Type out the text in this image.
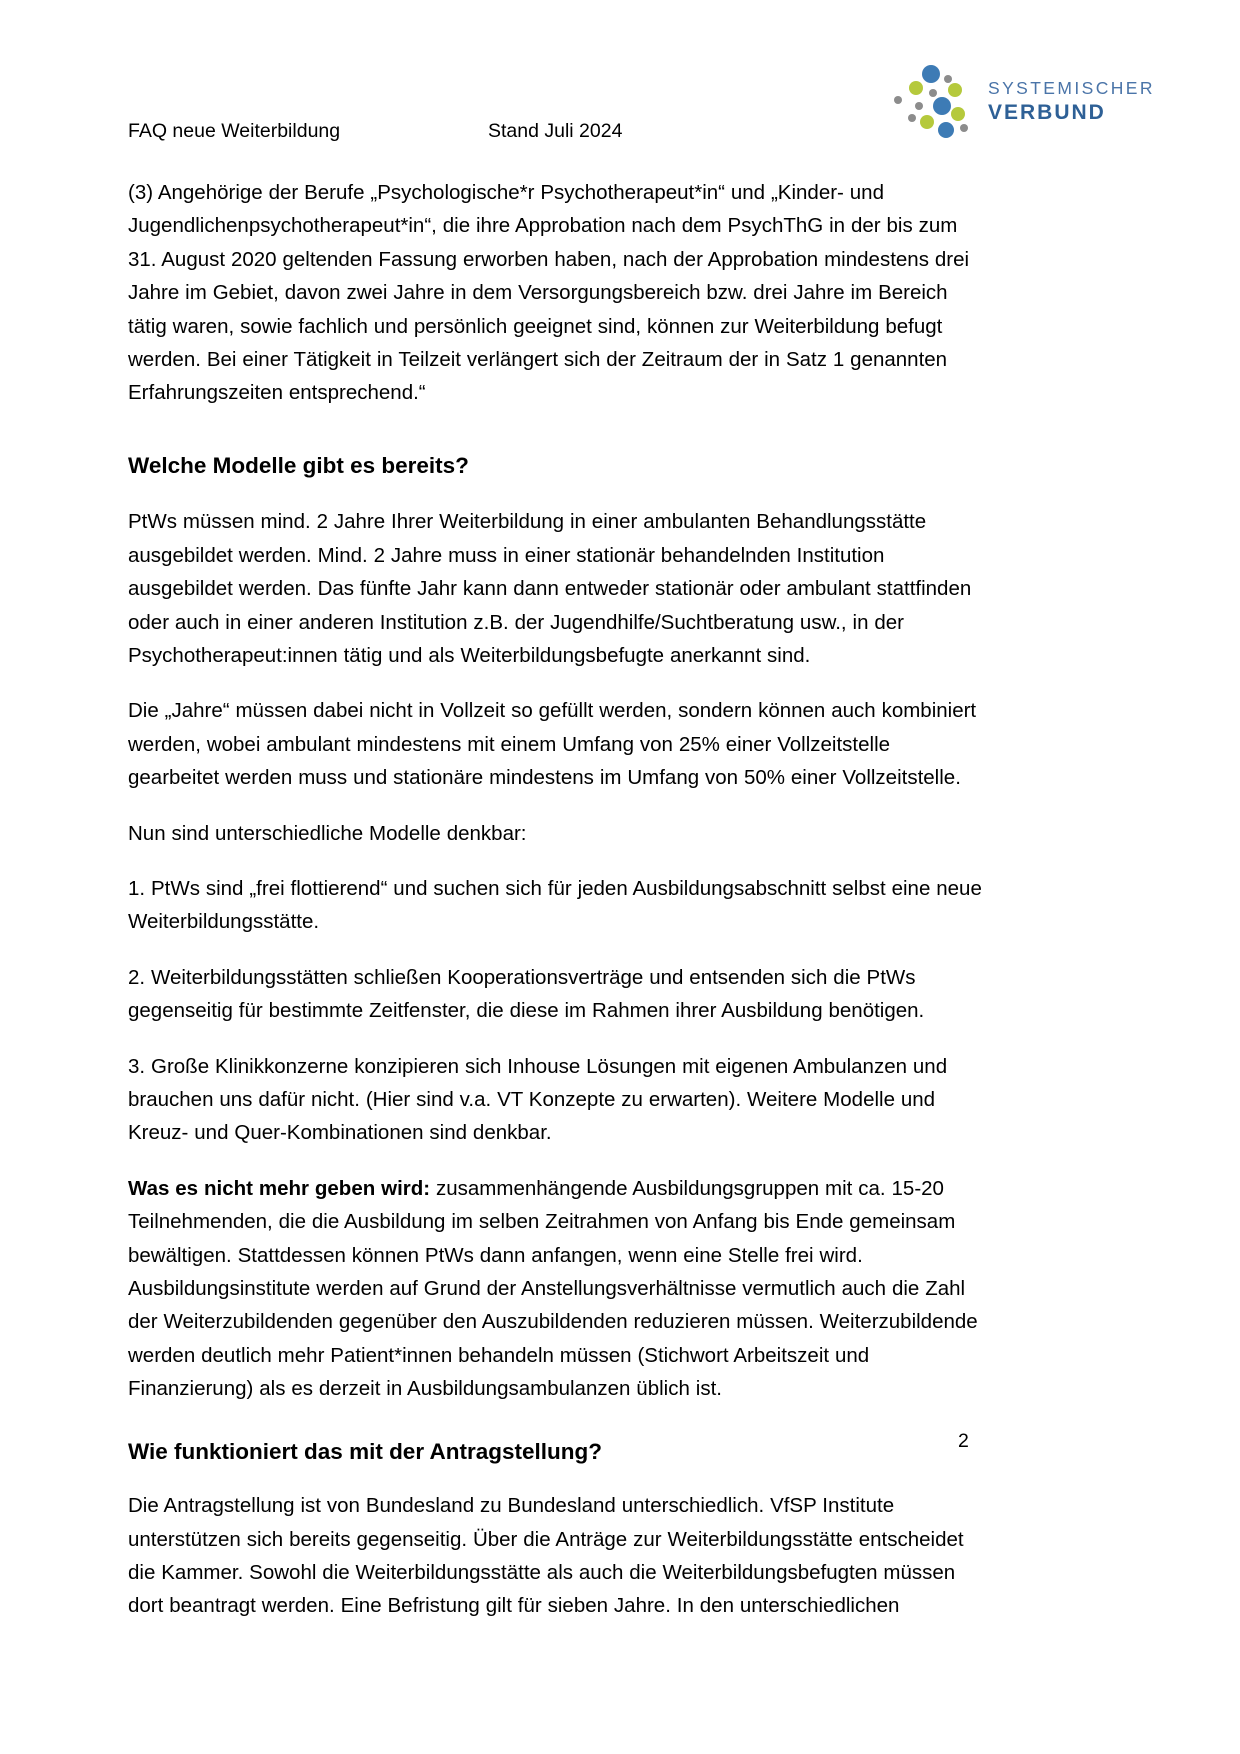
SYSTEMISCHER
VERBUND
FAQ neue Weiterbildung	Stand Juli 2024

(3) Angehörige der Berufe „Psychologische*r Psychotherapeut*in“ und „Kinder- und Jugendlichenpsychotherapeut*in“, die ihre Approbation nach dem PsychThG in der bis zum 31. August 2020 geltenden Fassung erworben haben, nach der Approbation mindestens drei Jahre im Gebiet, davon zwei Jahre in dem Versorgungsbereich bzw. drei Jahre im Bereich tätig waren, sowie fachlich und persönlich geeignet sind, können zur Weiterbildung befugt werden. Bei einer Tätigkeit in Teilzeit verlängert sich der Zeitraum der in Satz 1 genannten Erfahrungszeiten entsprechend.“

Welche Modelle gibt es bereits?

PtWs müssen mind. 2 Jahre Ihrer Weiterbildung in einer ambulanten Behandlungsstätte ausgebildet werden. Mind. 2 Jahre muss in einer stationär behandelnden Institution ausgebildet werden. Das fünfte Jahr kann dann entweder stationär oder ambulant stattfinden oder auch in einer anderen Institution z.B. der Jugendhilfe/Suchtberatung usw., in der Psychotherapeut:innen tätig und als Weiterbildungsbefugte anerkannt sind.

Die „Jahre“ müssen dabei nicht in Vollzeit so gefüllt werden, sondern können auch kombiniert werden, wobei ambulant mindestens mit einem Umfang von 25% einer Vollzeitstelle gearbeitet werden muss und stationäre mindestens im Umfang von 50% einer Vollzeitstelle.

Nun sind unterschiedliche Modelle denkbar:

1. PtWs sind „frei flottierend“ und suchen sich für jeden Ausbildungsabschnitt selbst eine neue Weiterbildungsstätte.

2. Weiterbildungsstätten schließen Kooperationsverträge und entsenden sich die PtWs gegenseitig für bestimmte Zeitfenster, die diese im Rahmen ihrer Ausbildung benötigen.

3. Große Klinikkonzerne konzipieren sich Inhouse Lösungen mit eigenen Ambulanzen und brauchen uns dafür nicht. (Hier sind v.a. VT Konzepte zu erwarten). Weitere Modelle und Kreuz- und Quer-Kombinationen sind denkbar.

Was es nicht mehr geben wird: zusammenhängende Ausbildungsgruppen mit ca. 15-20 Teilnehmenden, die die Ausbildung im selben Zeitrahmen von Anfang bis Ende gemeinsam bewältigen. Stattdessen können PtWs dann anfangen, wenn eine Stelle frei wird. Ausbildungsinstitute werden auf Grund der Anstellungsverhältnisse vermutlich auch die Zahl der Weiterzubildenden gegenüber den Auszubildenden reduzieren müssen. Weiterzubildende werden deutlich mehr Patient*innen behandeln müssen (Stichwort Arbeitszeit und Finanzierung) als es derzeit in Ausbildungsambulanzen üblich ist.

Wie funktioniert das mit der Antragstellung?

Die Antragstellung ist von Bundesland zu Bundesland unterschiedlich. VfSP Institute unterstützen sich bereits gegenseitig. Über die Anträge zur Weiterbildungsstätte entscheidet die Kammer. Sowohl die Weiterbildungsstätte als auch die Weiterbildungsbefugten müssen dort beantragt werden. Eine Befristung gilt für sieben Jahre. In den unterschiedlichen

2
